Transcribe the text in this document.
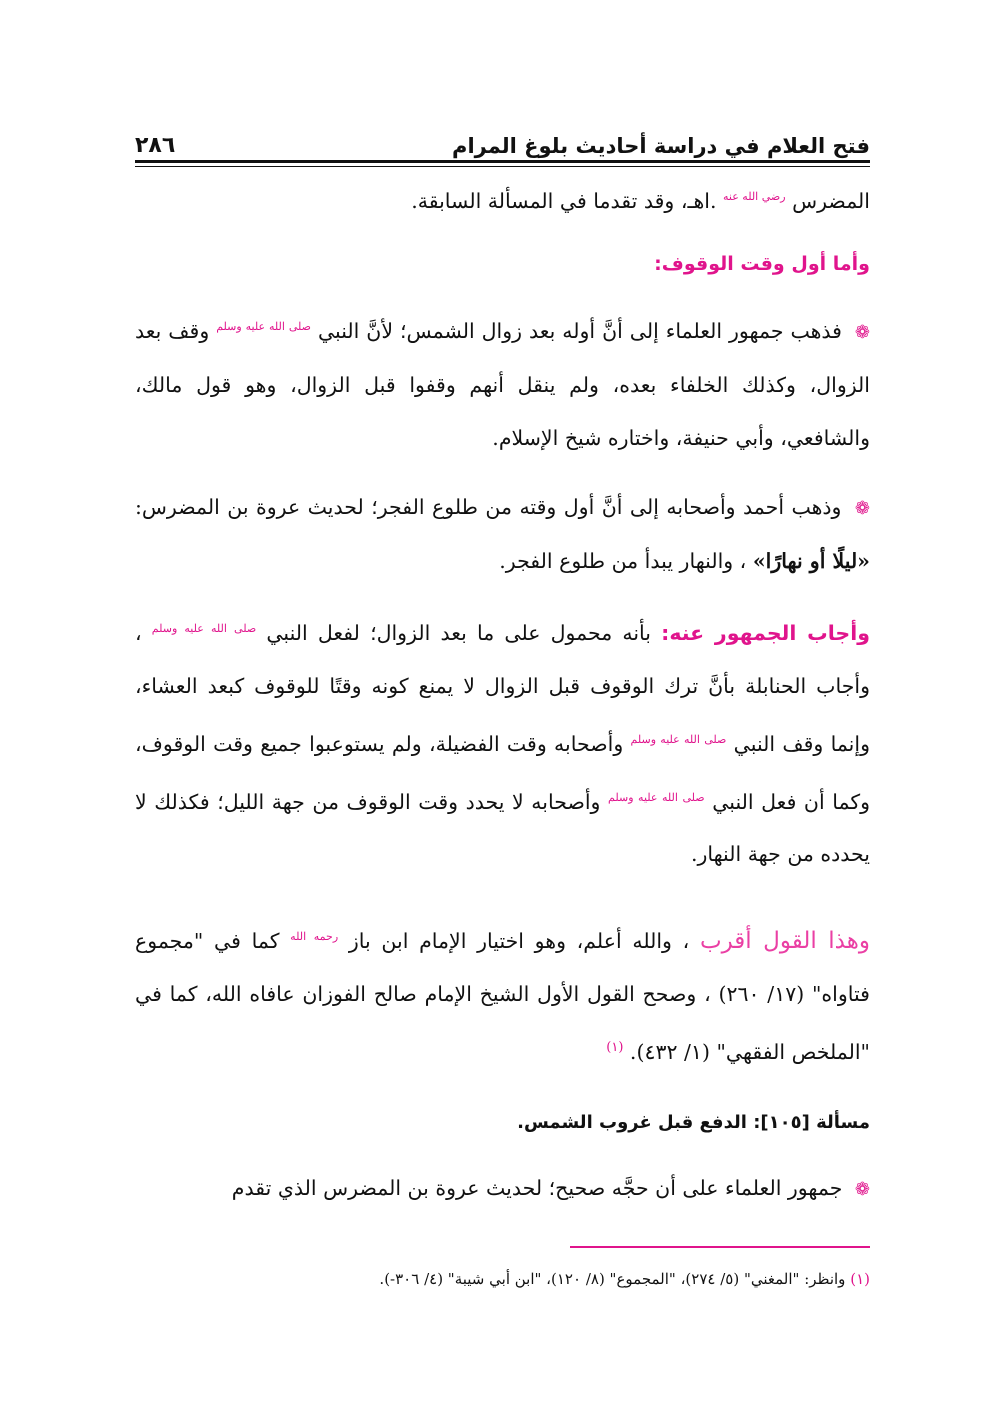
فتح العلام في دراسة أحاديث بلوغ المرام
٢٨٦
المضرس $^{رضي الله عنه}$ .اهـ، وقد تقدما في المسألة السابقة.
وأما أول وقت الوقوف:
❁ فذهب جمهور العلماء إلى أنَّ أوله بعد زوال الشمس؛ لأنَّ النبي $^{صلى الله عليه وسلم}$ وقف بعد الزوال، وكذلك الخلفاء بعده، ولم ينقل أنهم وقفوا قبل الزوال، وهو قول مالك، والشافعي، وأبي حنيفة، واختاره شيخ الإسلام.
❁ وذهب أحمد وأصحابه إلى أنَّ أول وقته من طلوع الفجر؛ لحديث عروة بن المضرس: «ليلًا أو نهارًا» ، والنهار يبدأ من طلوع الفجر.
وأجاب الجمهور عنه: بأنه محمول على ما بعد الزوال؛ لفعل النبي $^{صلى الله عليه وسلم}$ ، وأجاب الحنابلة بأنَّ ترك الوقوف قبل الزوال لا يمنع كونه وقتًا للوقوف كبعد العشاء، وإنما وقف النبي $^{صلى الله عليه وسلم}$ وأصحابه وقت الفضيلة، ولم يستوعبوا جميع وقت الوقوف، وكما أن فعل النبي $^{صلى الله عليه وسلم}$ وأصحابه لا يحدد وقت الوقوف من جهة الليل؛ فكذلك لا يحدده من جهة النهار.
وهذا القول أقرب ، والله أعلم، وهو اختيار الإمام ابن باز $^{رحمه الله}$ كما في "مجموع فتاواه" (١٧/ ٢٦٠) ، وصحح القول الأول الشيخ الإمام صالح الفوزان عافاه الله، كما في "الملخص الفقهي" (١/ ٤٣٢). $^{(١)}$
مسألة [١٠٥]: الدفع قبل غروب الشمس.
❁ جمهور العلماء على أن حجَّه صحيح؛ لحديث عروة بن المضرس الذي تقدم
(١) وانظر: "المغني" (٥/ ٢٧٤)، "المجموع" (٨/ ١٢٠)، "ابن أبي شيبة" (٤/ ٣٠٦-).
